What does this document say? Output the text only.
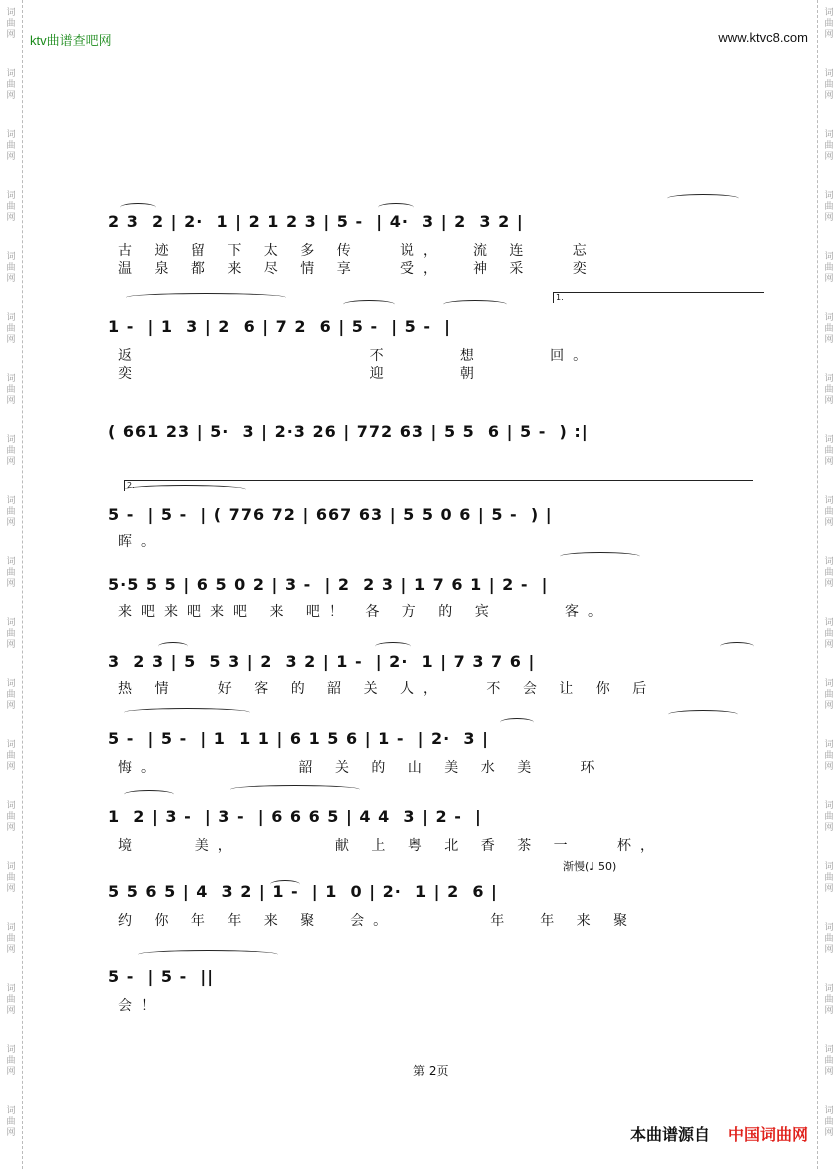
词
曲
网
词
曲
网
词
曲
网
词
曲
网
词
曲
网
词
曲
网
词
曲
网
词
曲
网
词
曲
网
词
曲
网
词
曲
网
词
曲
网
词
曲
网
词
曲
网
词
曲
网
词
曲
网
词
曲
网
词
曲
网
词
曲
网
词
曲
网
词
曲
网
词
曲
网
词
曲
网
词
曲
网
词
曲
网
词
曲
网
词
曲
网
词
曲
网
词
曲
网
词
曲
网
词
曲
网
词
曲
网
词
曲
网
词
曲
网
词
曲
网
词
曲
网
词
曲
网
词
曲
网
ktv曲谱查吧网	www.ktvc8.com
2 3  2 | 2·  1 | 2 1 2 3 | 5 -  | 4·  3 | 2  3 2 |
古 迹 留 下 太 多 传   说，  流 连   忘
温 泉 都 来 尽 情 享   受，  神 采   奕
1 -  | 1  3 | 2  6 | 7 2  6 | 5 -  | 5 -  |
返                 不     想     回。
奕                 迎     朝
( 661 23 | 5·  3 | 2·3 26 | 772 63 | 5 5  6 | 5 -  ) :|
5 -  | 5 -  | ( 776 72 | 667 63 | 5 5 0 6 | 5 -  ) |
晖。
5·5 5 5 | 6 5 0 2 | 3 -  | 2  2 3 | 1 7 6 1 | 2 -  |
来吧来吧来吧 来 吧！ 各 方 的 宾     客。
3  2 3 | 5  5 3 | 2  3 2 | 1 -  | 2·  1 | 7 3 7 6 |
热 情   好 客 的 韶 关 人，   不 会 让 你 后
5 -  | 5 -  | 1  1 1 | 6 1 5 6 | 1 -  | 2·  3 |
悔。          韶 关 的 山 美 水 美   环
1  2 | 3 -  | 3 -  | 6 6 6 5 | 4 4  3 | 2 -  |
境    美，       献 上 粤 北 香 茶 一   杯，
5 5 6 5 | 4  3 2 | 1 -  | 1  0 | 2·  1 | 2  6 |
约 你 年 年 来 聚  会。       年  年 来 聚
5 -  | 5 -  ||
会！
1.
2.
渐慢(♩ 50)
第 2页
本曲谱源自 中国词曲网
